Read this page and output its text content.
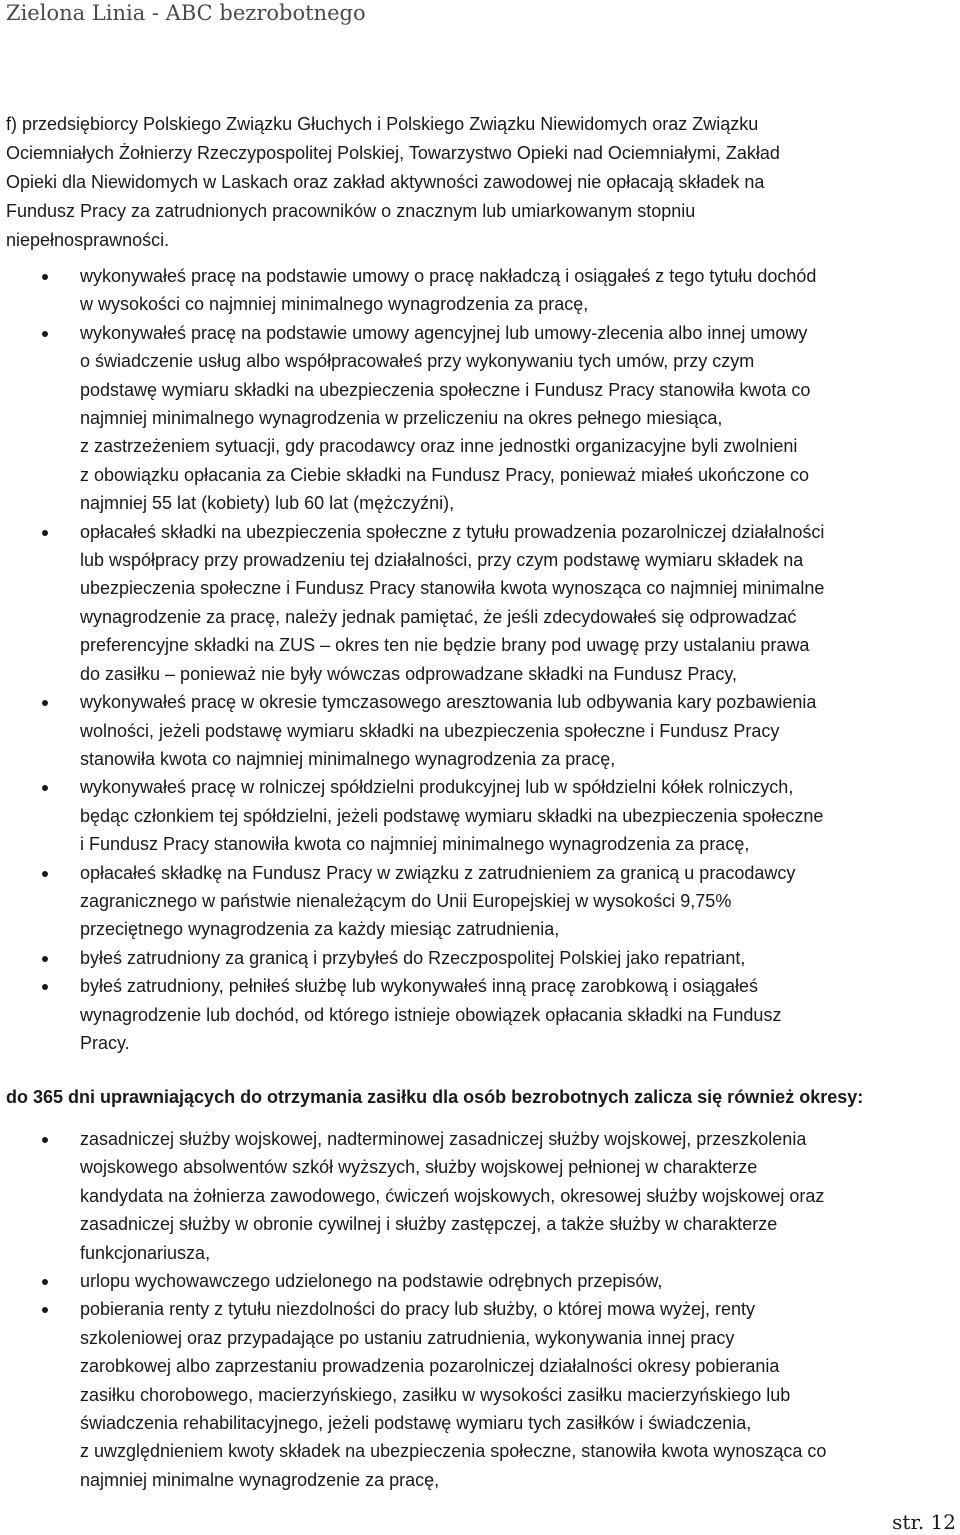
Zielona Linia - ABC bezrobotnego
f) przedsiębiorcy Polskiego Związku Głuchych i Polskiego Związku Niewidomych oraz Związku
Ociemniałych Żołnierzy Rzeczypospolitej Polskiej, Towarzystwo Opieki nad Ociemniałymi, Zakład
Opieki dla Niewidomych w Laskach oraz zakład aktywności zawodowej nie opłacają składek na
Fundusz Pracy za zatrudnionych pracowników o znacznym lub umiarkowanym stopniu
niepełnosprawności.
wykonywałeś pracę na podstawie umowy o pracę nakładczą i osiągałeś z tego tytułu dochód
w wysokości co najmniej minimalnego wynagrodzenia za pracę,
wykonywałeś pracę na podstawie umowy agencyjnej lub umowy-zlecenia albo innej umowy
o świadczenie usług albo współpracowałeś przy wykonywaniu tych umów, przy czym
podstawę wymiaru składki na ubezpieczenia społeczne i Fundusz Pracy stanowiła kwota co
najmniej minimalnego wynagrodzenia w przeliczeniu na okres pełnego miesiąca,
z zastrzeżeniem sytuacji, gdy pracodawcy oraz inne jednostki organizacyjne byli zwolnieni
z obowiązku opłacania za Ciebie składki na Fundusz Pracy, ponieważ miałeś ukończone co
najmniej 55 lat (kobiety) lub 60 lat (mężczyźni),
opłacałeś składki na ubezpieczenia społeczne z tytułu prowadzenia pozarolniczej działalności
lub współpracy przy prowadzeniu tej działalności, przy czym podstawę wymiaru składek na
ubezpieczenia społeczne i Fundusz Pracy stanowiła kwota wynosząca co najmniej minimalne
wynagrodzenie za pracę, należy jednak pamiętać, że jeśli zdecydowałeś się odprowadzać
preferencyjne składki na ZUS – okres ten nie będzie brany pod uwagę przy ustalaniu prawa
do zasiłku – ponieważ nie były wówczas odprowadzane składki na Fundusz Pracy,
wykonywałeś pracę w okresie tymczasowego aresztowania lub odbywania kary pozbawienia
wolności, jeżeli podstawę wymiaru składki na ubezpieczenia społeczne i Fundusz Pracy
stanowiła kwota co najmniej minimalnego wynagrodzenia za pracę,
wykonywałeś pracę w rolniczej spółdzielni produkcyjnej lub w spółdzielni kółek rolniczych,
będąc członkiem tej spółdzielni, jeżeli podstawę wymiaru składki na ubezpieczenia społeczne
i Fundusz Pracy stanowiła kwota co najmniej minimalnego wynagrodzenia za pracę,
opłacałeś składkę na Fundusz Pracy w związku z zatrudnieniem za granicą u pracodawcy
zagranicznego w państwie nienależącym do Unii Europejskiej w wysokości 9,75%
przeciętnego wynagrodzenia za każdy miesiąc zatrudnienia,
byłeś zatrudniony za granicą i przybyłeś do Rzeczpospolitej Polskiej jako repatriant,
byłeś zatrudniony, pełniłeś służbę lub wykonywałeś inną pracę zarobkową i osiągałeś
wynagrodzenie lub dochód, od którego istnieje obowiązek opłacania składki na Fundusz
Pracy.
do 365 dni uprawniających do otrzymania zasiłku dla osób bezrobotnych zalicza się również okresy:
zasadniczej służby wojskowej, nadterminowej zasadniczej służby wojskowej, przeszkolenia
wojskowego absolwentów szkół wyższych, służby wojskowej pełnionej w charakterze
kandydata na żołnierza zawodowego, ćwiczeń wojskowych, okresowej służby wojskowej oraz
zasadniczej służby w obronie cywilnej i służby zastępczej, a także służby w charakterze
funkcjonariusza,
urlopu wychowawczego udzielonego na podstawie odrębnych przepisów,
pobierania renty z tytułu niezdolności do pracy lub służby, o której mowa wyżej, renty
szkoleniowej oraz przypadające po ustaniu zatrudnienia, wykonywania innej pracy
zarobkowej albo zaprzestaniu prowadzenia pozarolniczej działalności okresy pobierania
zasiłku chorobowego, macierzyńskiego, zasiłku w wysokości zasiłku macierzyńskiego lub
świadczenia rehabilitacyjnego, jeżeli podstawę wymiaru tych zasiłków i świadczenia,
z uwzględnieniem kwoty składek na ubezpieczenia społeczne, stanowiła kwota wynosząca co
najmniej minimalne wynagrodzenie za pracę,
str. 12
